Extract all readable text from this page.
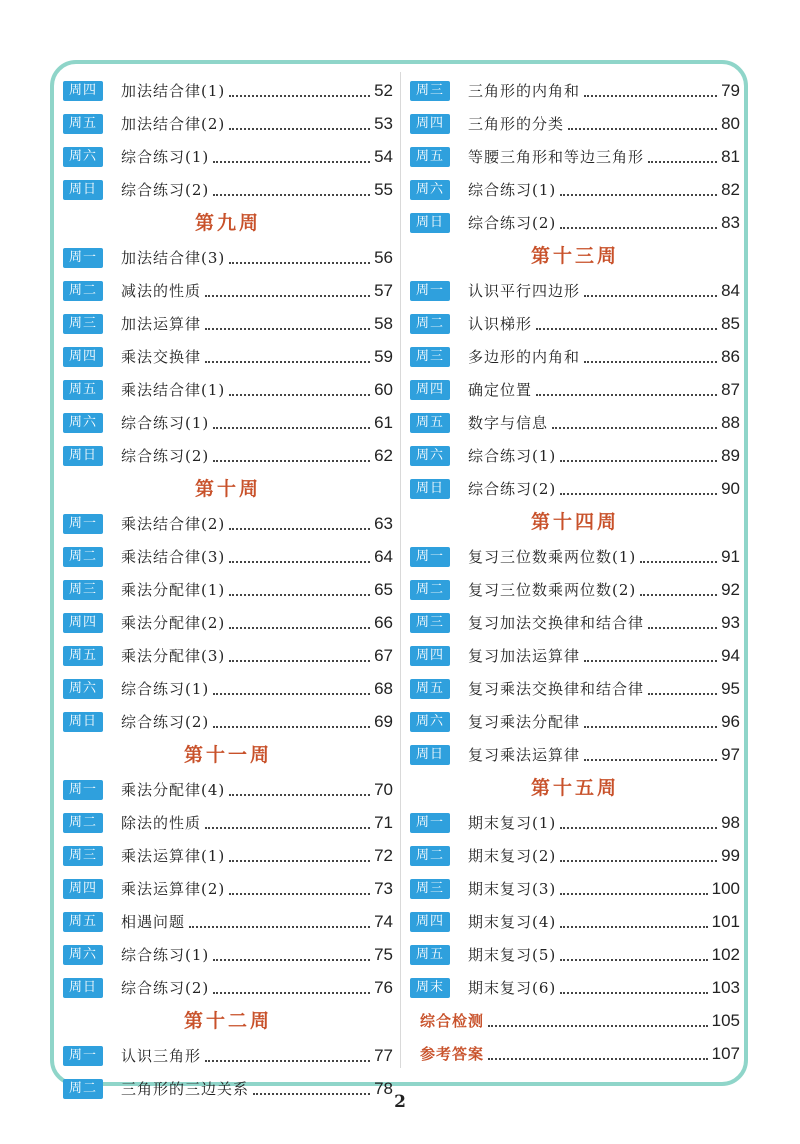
周四	加法结合律(1)	52
周五	加法结合律(2)	53
周六	综合练习(1)	54
周日	综合练习(2)	55
第九周
周一	加法结合律(3)	56
周二	减法的性质	57
周三	加法运算律	58
周四	乘法交换律	59
周五	乘法结合律(1)	60
周六	综合练习(1)	61
周日	综合练习(2)	62
第十周
周一	乘法结合律(2)	63
周二	乘法结合律(3)	64
周三	乘法分配律(1)	65
周四	乘法分配律(2)	66
周五	乘法分配律(3)	67
周六	综合练习(1)	68
周日	综合练习(2)	69
第十一周
周一	乘法分配律(4)	70
周二	除法的性质	71
周三	乘法运算律(1)	72
周四	乘法运算律(2)	73
周五	相遇问题	74
周六	综合练习(1)	75
周日	综合练习(2)	76
第十二周
周一	认识三角形	77
周二	三角形的三边关系	78
周三	三角形的内角和	79
周四	三角形的分类	80
周五	等腰三角形和等边三角形	81
周六	综合练习(1)	82
周日	综合练习(2)	83
第十三周
周一	认识平行四边形	84
周二	认识梯形	85
周三	多边形的内角和	86
周四	确定位置	87
周五	数字与信息	88
周六	综合练习(1)	89
周日	综合练习(2)	90
第十四周
周一	复习三位数乘两位数(1)	91
周二	复习三位数乘两位数(2)	92
周三	复习加法交换律和结合律	93
周四	复习加法运算律	94
周五	复习乘法交换律和结合律	95
周六	复习乘法分配律	96
周日	复习乘法运算律	97
第十五周
周一	期末复习(1)	98
周二	期末复习(2)	99
周三	期末复习(3)	100
周四	期末复习(4)	101
周五	期末复习(5)	102
周末	期末复习(6)	103
综合检测	105
参考答案	107
2
